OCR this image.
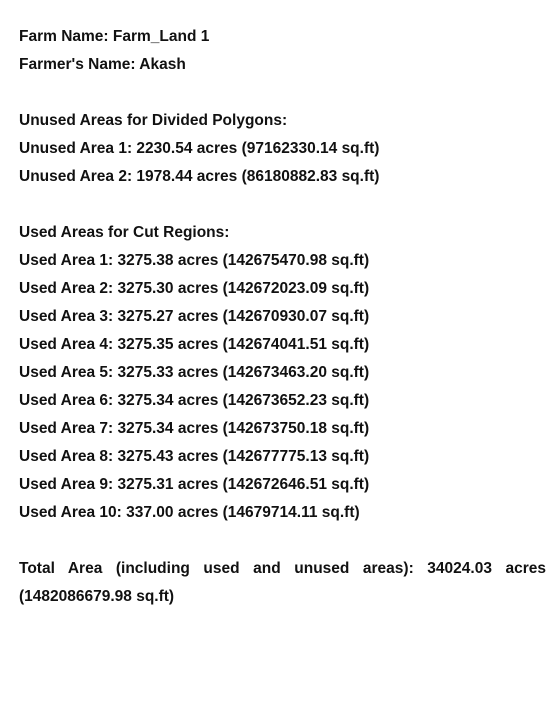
Farm Name: Farm_Land 1
Farmer's Name: Akash
Unused Areas for Divided Polygons:
Unused Area 1: 2230.54 acres (97162330.14 sq.ft)
Unused Area 2: 1978.44 acres (86180882.83 sq.ft)
Used Areas for Cut Regions:
Used Area 1: 3275.38 acres (142675470.98 sq.ft)
Used Area 2: 3275.30 acres (142672023.09 sq.ft)
Used Area 3: 3275.27 acres (142670930.07 sq.ft)
Used Area 4: 3275.35 acres (142674041.51 sq.ft)
Used Area 5: 3275.33 acres (142673463.20 sq.ft)
Used Area 6: 3275.34 acres (142673652.23 sq.ft)
Used Area 7: 3275.34 acres (142673750.18 sq.ft)
Used Area 8: 3275.43 acres (142677775.13 sq.ft)
Used Area 9: 3275.31 acres (142672646.51 sq.ft)
Used Area 10: 337.00 acres (14679714.11 sq.ft)
Total Area (including used and unused areas): 34024.03 acres
(1482086679.98 sq.ft)
